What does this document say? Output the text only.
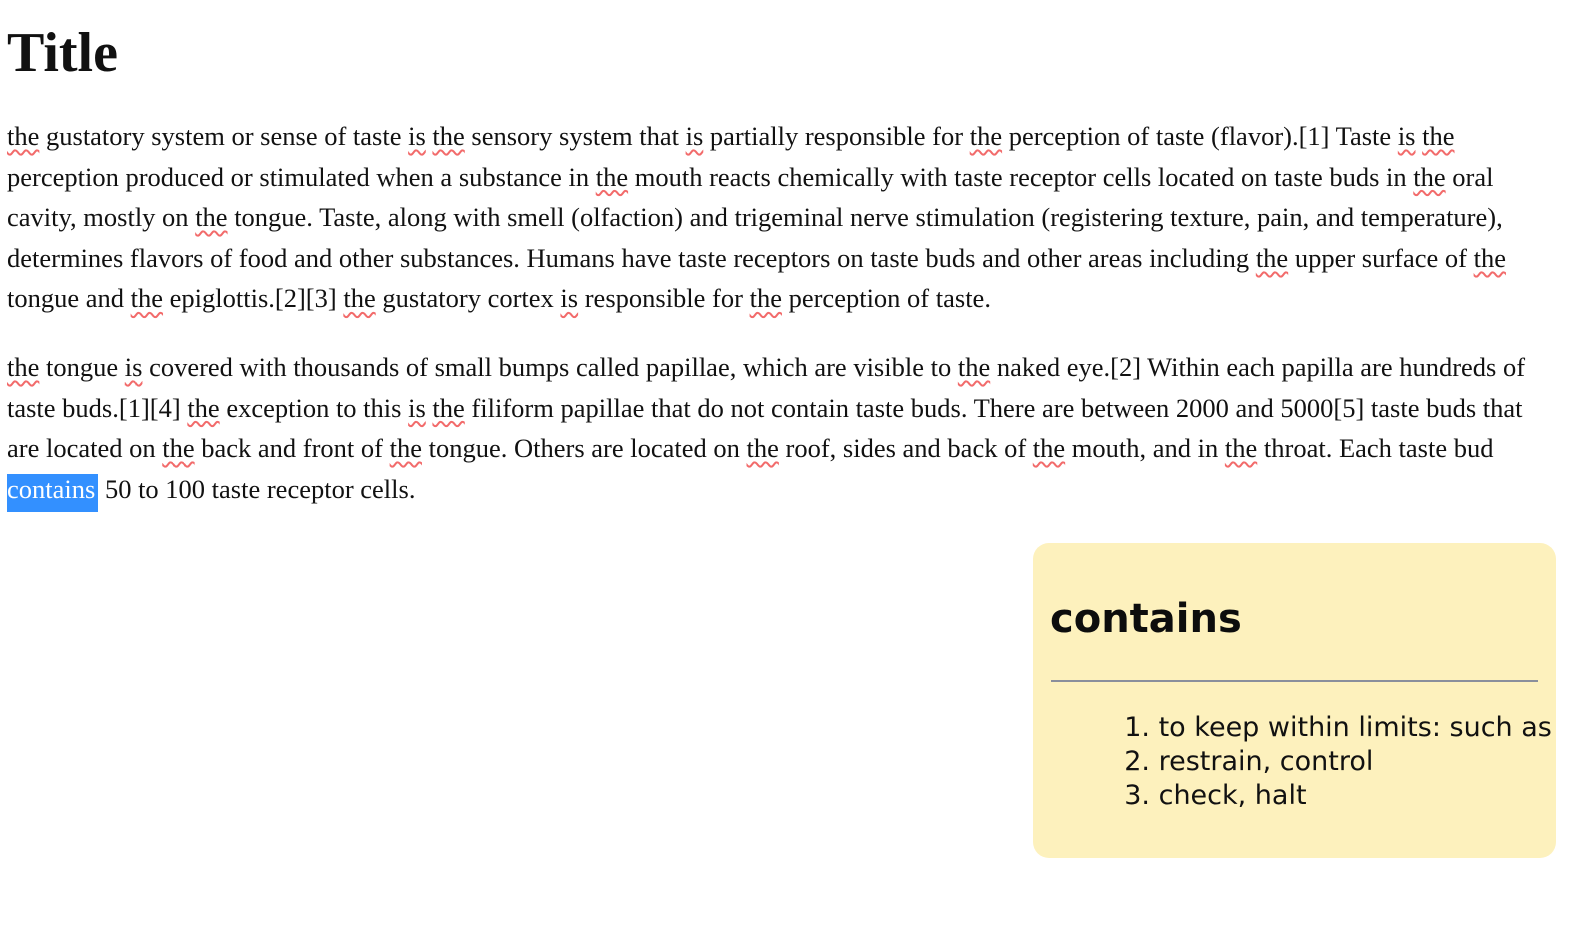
Title

the gustatory system or sense of taste is the sensory system that is partially responsible for the perception of taste (flavor).[1] Taste is the perception produced or stimulated when a substance in the mouth reacts chemically with taste receptor cells located on taste buds in the oral cavity, mostly on the tongue. Taste, along with smell (olfaction) and trigeminal nerve stimulation (registering texture, pain, and temperature), determines flavors of food and other substances. Humans have taste receptors on taste buds and other areas including the upper surface of the tongue and the epiglottis.[2][3] the gustatory cortex is responsible for the perception of taste.

the tongue is covered with thousands of small bumps called papillae, which are visible to the naked eye.[2] Within each papilla are hundreds of taste buds.[1][4] the exception to this is the filiform papillae that do not contain taste buds. There are between 2000 and 5000[5] taste buds that are located on the back and front of the tongue. Others are located on the roof, sides and back of the mouth, and in the throat. Each taste bud contains 50 to 100 taste receptor cells.

contains
1. to keep within limits: such as
2. restrain, control
3. check, halt
